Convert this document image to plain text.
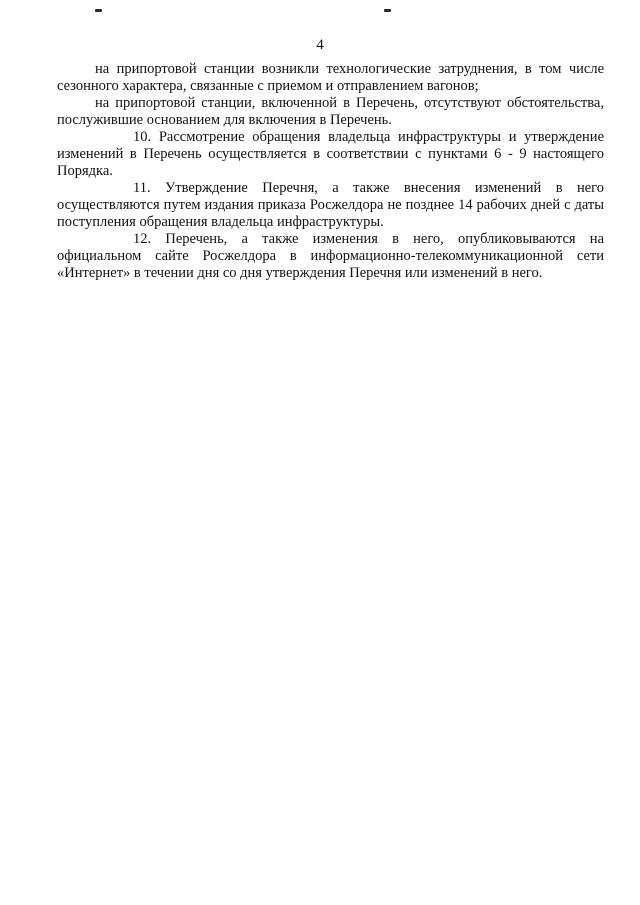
4

на припортовой станции возникли технологические затруднения, в том числе сезонного характера, связанные с приемом и отправлением вагонов;

на припортовой станции, включенной в Перечень, отсутствуют обстоятельства, послужившие основанием для включения в Перечень.

10. Рассмотрение обращения владельца инфраструктуры и утверждение изменений в Перечень осуществляется в соответствии с пунктами 6 - 9 настоящего Порядка.

11. Утверждение Перечня, а также внесения изменений в него осуществляются путем издания приказа Росжелдора не позднее 14 рабочих дней с даты поступления обращения владельца инфраструктуры.

12. Перечень, а также изменения в него, опубликовываются на официальном сайте Росжелдора в информационно-телекоммуникационной сети «Интернет» в течении дня со дня утверждения Перечня или изменений в него.
